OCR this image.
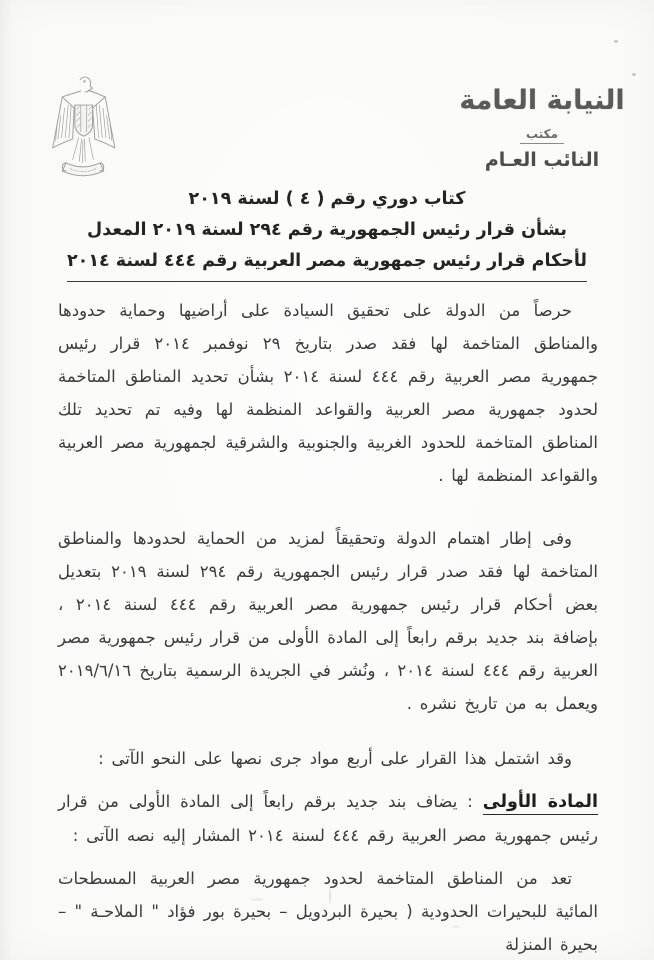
النيابة العامة
مكتب
النائب العـام
كتاب دوري رقم ( ٤ ) لسنة ٢٠١٩
بشأن قرار رئيس الجمهورية رقم ٢٩٤ لسنة ٢٠١٩ المعدل
لأحكام قرار رئيس جمهورية مصر العربية رقم ٤٤٤ لسنة ٢٠١٤

حرصاً من الدولة على تحقيق السيادة على أراضيها وحماية حدودها والمناطق المتاخمة لها فقد صدر بتاريخ ٢٩ نوفمبر ٢٠١٤ قرار رئيس جمهورية مصر العربية رقم ٤٤٤ لسنة ٢٠١٤ بشأن تحديد المناطق المتاخمة لحدود جمهورية مصر العربية والقواعد المنظمة لها وفيه تم تحديد تلك المناطق المتاخمة للحدود الغربية والجنوبية والشرقية لجمهورية مصر العربية والقواعد المنظمة لها .

وفى إطار اهتمام الدولة وتحقيقاً لمزيد من الحماية لحدودها والمناطق المتاخمة لها فقد صدر قرار رئيس الجمهورية رقم ٢٩٤ لسنة ٢٠١٩ بتعديل بعض أحكام قرار رئيس جمهورية مصر العربية رقم ٤٤٤ لسنة ٢٠١٤ ، بإضافة بند جديد برقم رابعاً إلى المادة الأولى من قرار رئيس جمهورية مصر العربية رقم ٤٤٤ لسنة ٢٠١٤ ، ونُشر في الجريدة الرسمية بتاريخ ٢٠١٩/٦/١٦ ويعمل به من تاريخ نشره .

وقد اشتمل هذا القرار على أربع مواد جرى نصها على النحو الآتى :

المادة الأولى : يضاف بند جديد برقم رابعاً إلى المادة الأولى من قرار رئيس جمهورية مصر العربية رقم ٤٤٤ لسنة ٢٠١٤ المشار إليه نصه الآتى :

تعد من المناطق المتاخمة لحدود جمهورية مصر العربية المسطحات المائية للبحيرات الحدودية ( بحيرة البردويل – بحيرة بور فؤاد " الملاحـة " – بحيرة المنزلة
